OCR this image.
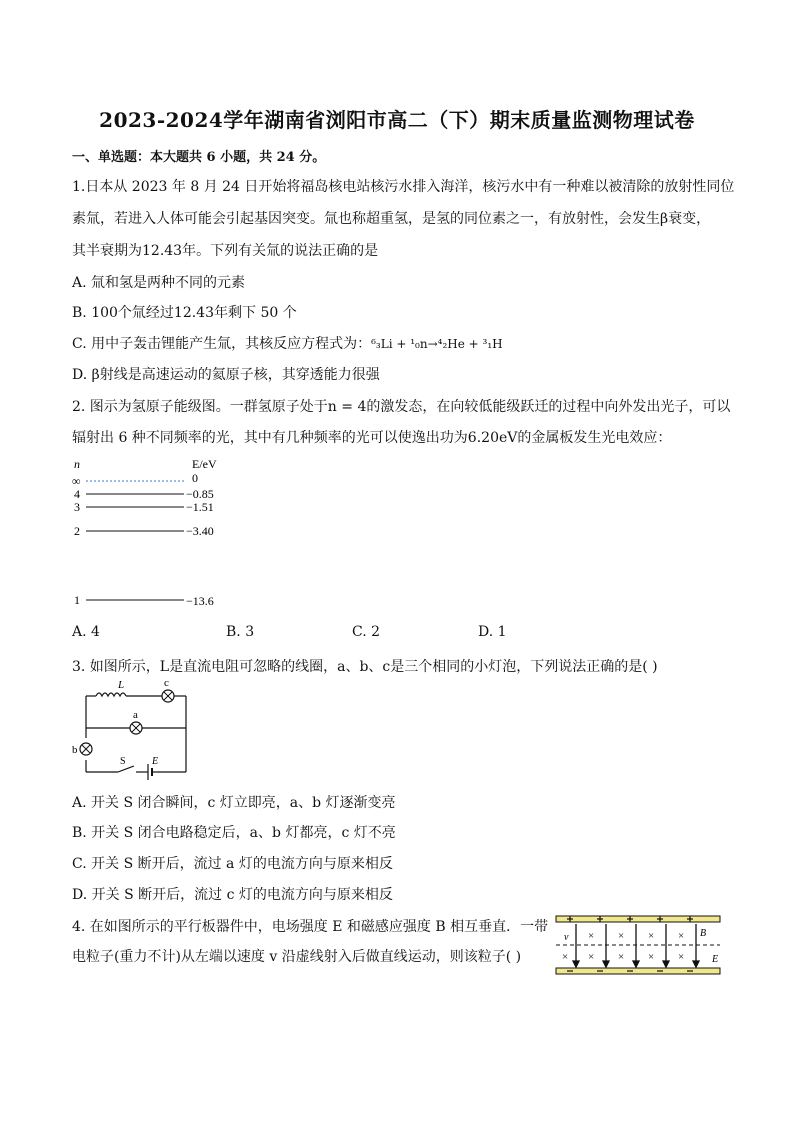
2023-2024学年湖南省浏阳市高二（下）期末质量监测物理试卷
一、单选题：本大题共 6 小题，共 24 分。
1.日本从 2023 年 8 月 24 日开始将福岛核电站核污水排入海洋，核污水中有一种难以被清除的放射性同位
素氚，若进入人体可能会引起基因突变。氚也称超重氢，是氢的同位素之一，有放射性，会发生β衰变，
其半衰期为12.43年。下列有关氚的说法正确的是
A. 氚和氢是两种不同的元素
B. 100个氚经过12.43年剩下 50 个
C. 用中子轰击锂能产生氚，其核反应方程式为：⁶₃Li + ¹₀n→⁴₂He + ³₁H
D. β射线是高速运动的氦原子核，其穿透能力很强
2. 图示为氢原子能级图。一群氢原子处于n = 4的激发态，在向较低能级跃迁的过程中向外发出光子，可以
辐射出 6 种不同频率的光，其中有几种频率的光可以使逸出功为6.20eV的金属板发生光电效应：
n	E/eV
∞	0
4	−0.85
3	−1.51
2	−3.40
1	−13.6
A. 4	B. 3	C. 2	D. 1
3. 如图所示，L是直流电阻可忽略的线圈，a、b、c是三个相同的小灯泡，下列说法正确的是( )
L	c
a
b
S	E
A. 开关 S 闭合瞬间，c 灯立即亮，a、b 灯逐渐变亮
B. 开关 S 闭合电路稳定后，a、b 灯都亮，c 灯不亮
C. 开关 S 断开后，流过 a 灯的电流方向与原来相反
D. 开关 S 断开后，流过 c 灯的电流方向与原来相反
4. 在如图所示的平行板器件中，电场强度 E 和磁感应强度 B 相互垂直．一带
电粒子(重力不计)从左端以速度 v 沿虚线射入后做直线运动，则该粒子( )
× × × ×
× × × ×
×
v	B
E
